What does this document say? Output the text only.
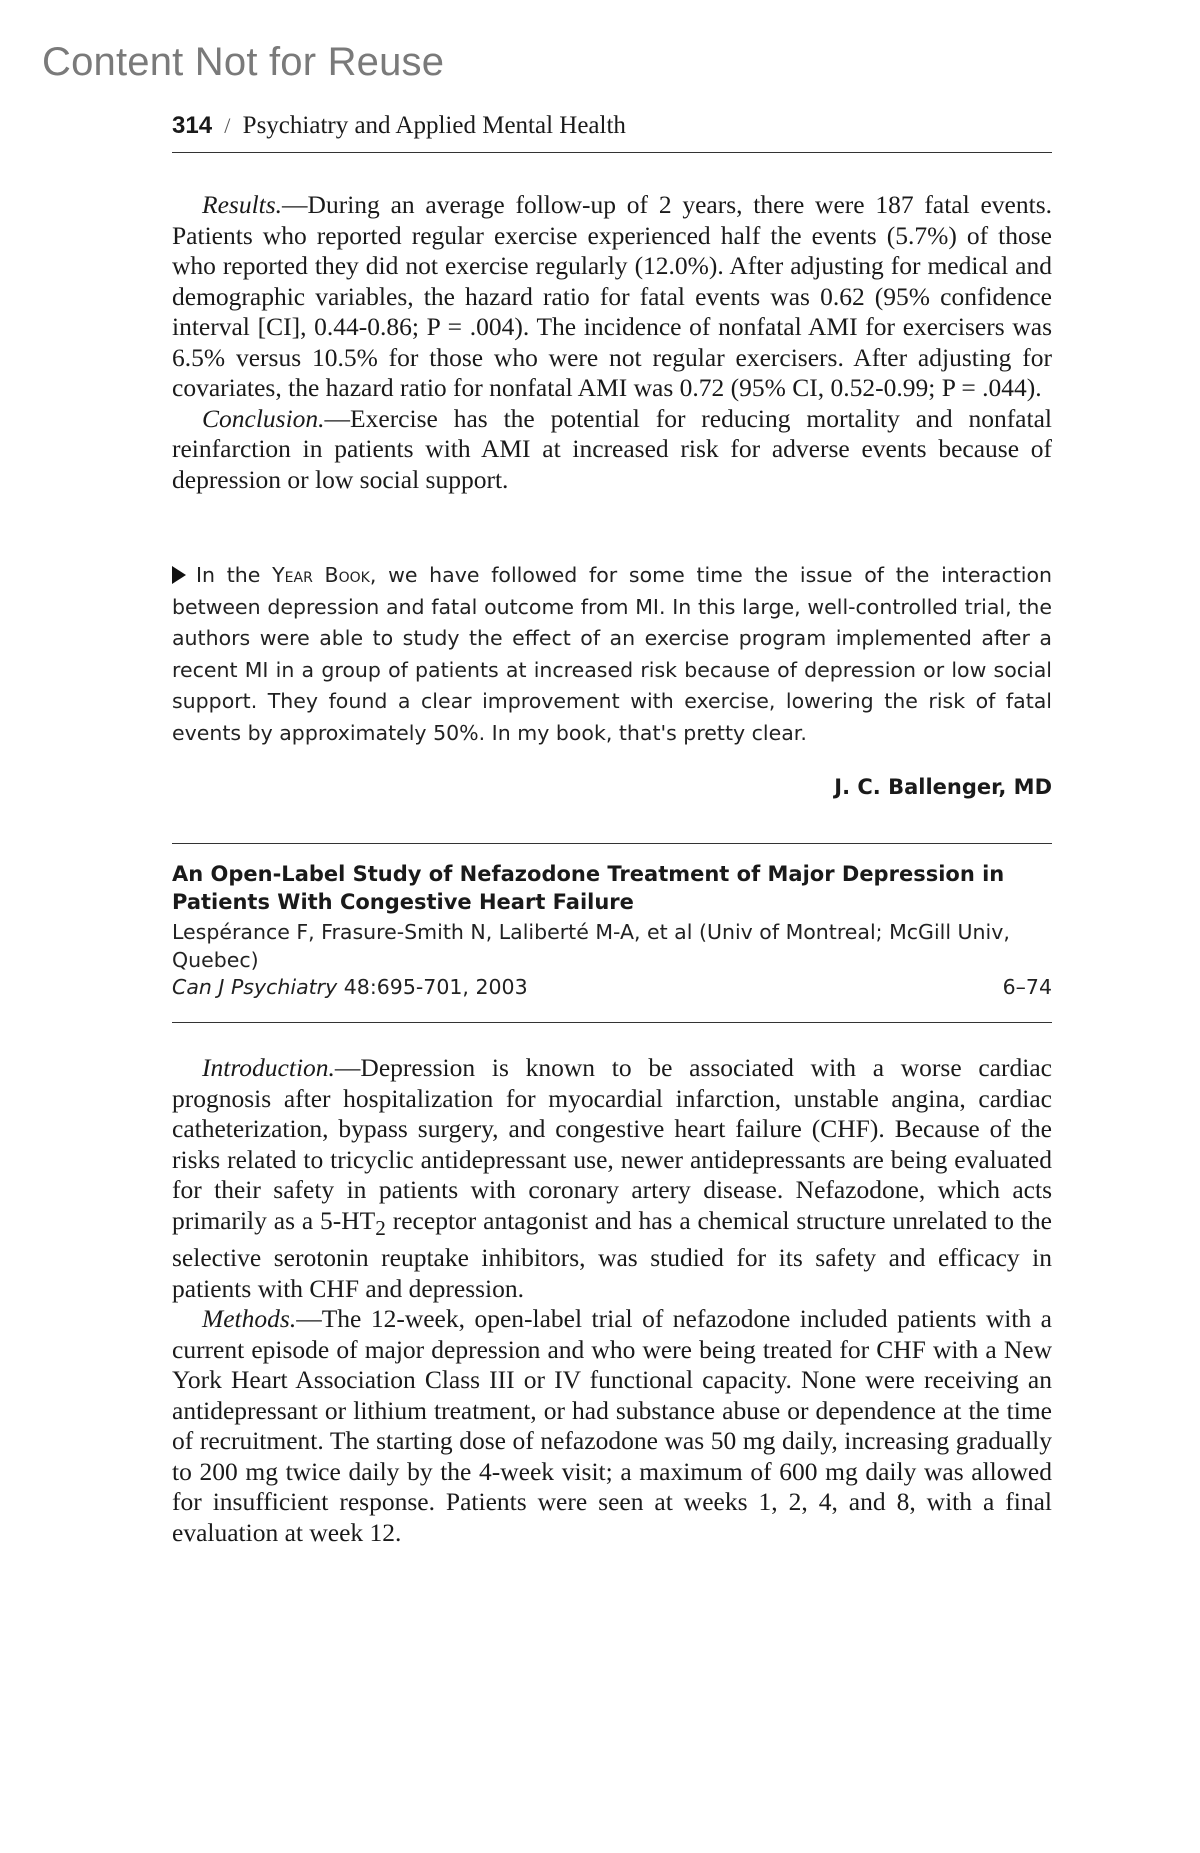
Content Not for Reuse
314 / Psychiatry and Applied Mental Health

Results.—During an average follow-up of 2 years, there were 187 fatal events. Patients who reported regular exercise experienced half the events (5.7%) of those who reported they did not exercise regularly (12.0%). After adjusting for medical and demographic variables, the hazard ratio for fatal events was 0.62 (95% confidence interval [CI], 0.44-0.86; P = .004). The incidence of nonfatal AMI for exercisers was 6.5% versus 10.5% for those who were not regular exercisers. After adjusting for covariates, the hazard ratio for nonfatal AMI was 0.72 (95% CI, 0.52-0.99; P = .044).

Conclusion.—Exercise has the potential for reducing mortality and nonfatal reinfarction in patients with AMI at increased risk for adverse events because of depression or low social support.

In the Year Book, we have followed for some time the issue of the interaction between depression and fatal outcome from MI. In this large, well-controlled trial, the authors were able to study the effect of an exercise program implemented after a recent MI in a group of patients at increased risk because of depression or low social support. They found a clear improvement with exercise, lowering the risk of fatal events by approximately 50%. In my book, that's pretty clear.
J. C. Ballenger, MD
An Open-Label Study of Nefazodone Treatment of Major Depression in Patients With Congestive Heart Failure
Lespérance F, Frasure-Smith N, Laliberté M-A, et al (Univ of Montreal; McGill Univ, Quebec)
Can J Psychiatry 48:695-701, 2003	6–74

Introduction.—Depression is known to be associated with a worse cardiac prognosis after hospitalization for myocardial infarction, unstable angina, cardiac catheterization, bypass surgery, and congestive heart failure (CHF). Because of the risks related to tricyclic antidepressant use, newer antidepressants are being evaluated for their safety in patients with coronary artery disease. Nefazodone, which acts primarily as a $5-HT_2$ receptor antagonist and has a chemical structure unrelated to the selective serotonin reuptake inhibitors, was studied for its safety and efficacy in patients with CHF and depression.

Methods.—The 12-week, open-label trial of nefazodone included patients with a current episode of major depression and who were being treated for CHF with a New York Heart Association Class III or IV functional capacity. None were receiving an antidepressant or lithium treatment, or had substance abuse or dependence at the time of recruitment. The starting dose of nefazodone was 50 mg daily, increasing gradually to 200 mg twice daily by the 4-week visit; a maximum of 600 mg daily was allowed for insufficient response. Patients were seen at weeks 1, 2, 4, and 8, with a final evaluation at week 12.
